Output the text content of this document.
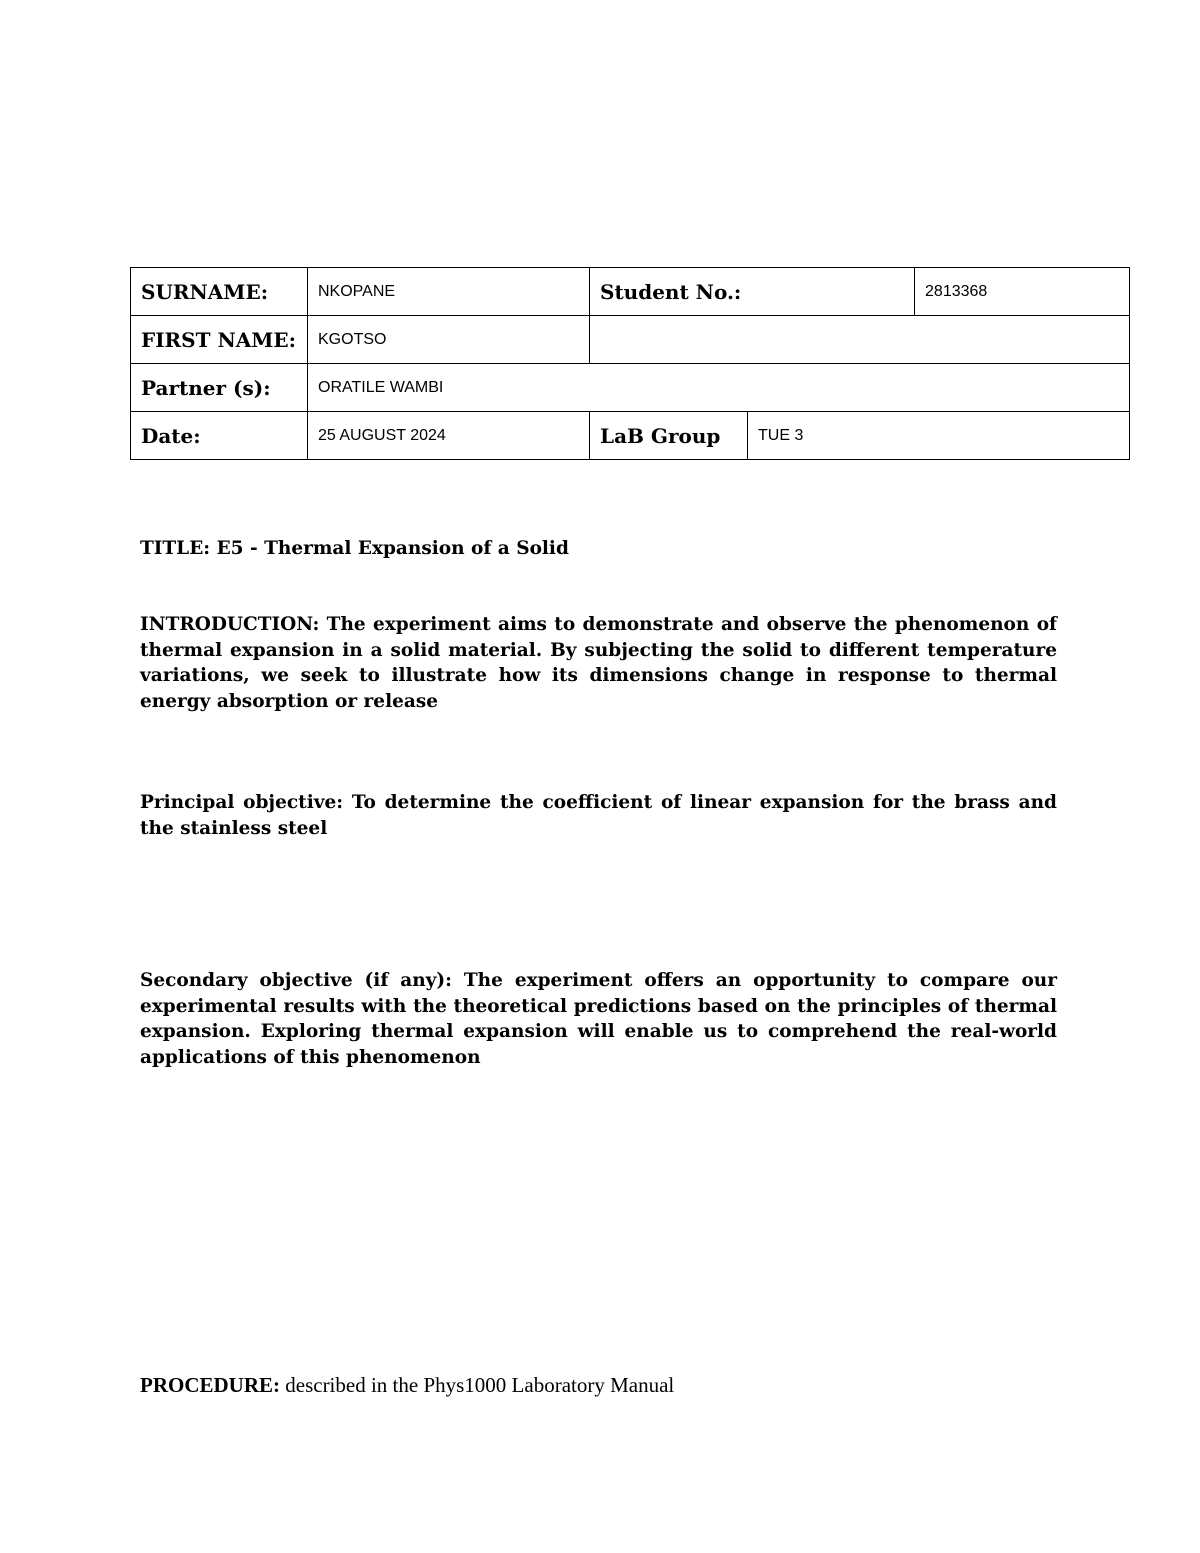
SURNAME:	NKOPANE	Student No.:		2813368
FIRST NAME:	KGOTSO			
Partner (s):	ORATILE WAMBI			
Date:	25 AUGUST 2024	LaB Group	TUE 3	

TITLE: E5 - Thermal Expansion of a Solid

INTRODUCTION: The experiment aims to demonstrate and observe the phenomenon of thermal expansion in a solid material. By subjecting the solid to different temperature variations, we seek to illustrate how its dimensions change in response to thermal energy absorption or release

Principal objective: To determine the coefficient of linear expansion for the brass and the stainless steel

Secondary objective (if any): The experiment offers an opportunity to compare our experimental results with the theoretical predictions based on the principles of thermal expansion. Exploring thermal expansion will enable us to comprehend the real-world applications of this phenomenon

PROCEDURE: described in the Phys1000 Laboratory Manual
